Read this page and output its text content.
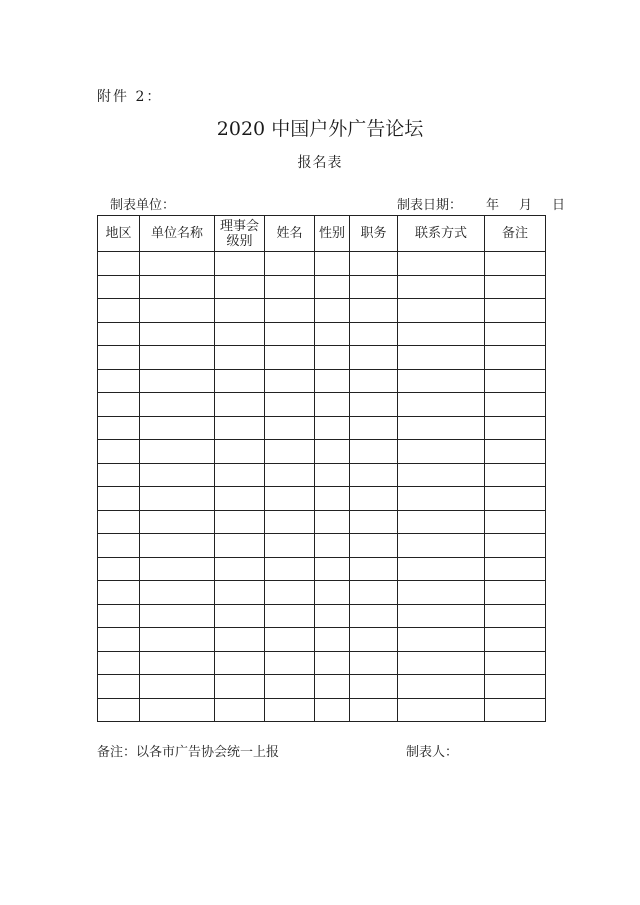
附件 2：
2020 中国户外广告论坛
报名表
制表单位：	制表日期： 年 月 日
地区	单位名称	理事会级别	姓名	性别	职务	联系方式	备注

备注：以各市广告协会统一上报	制表人：
